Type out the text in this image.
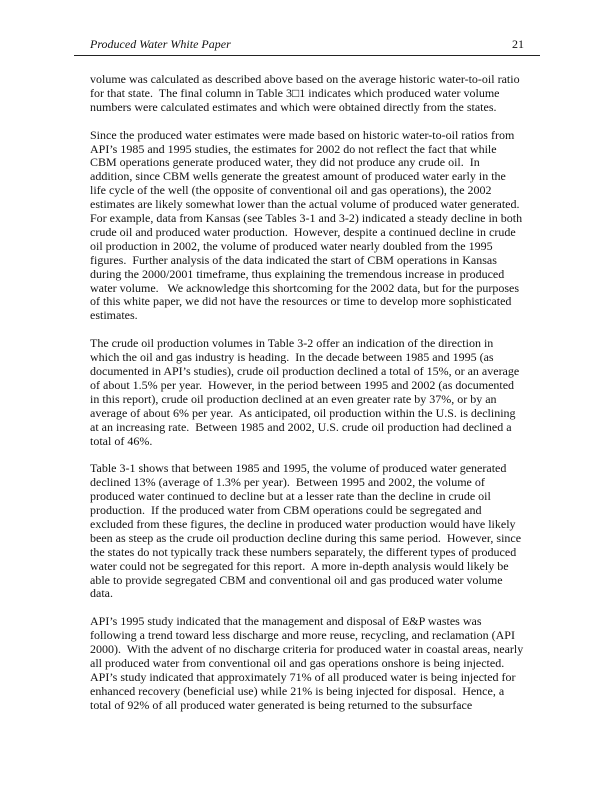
Produced Water White Paper	21

volume was calculated as described above based on the average historic water-to-oil ratio for that state.  The final column in Table 3□1 indicates which produced water volume numbers were calculated estimates and which were obtained directly from the states.

Since the produced water estimates were made based on historic water-to-oil ratios from API’s 1985 and 1995 studies, the estimates for 2002 do not reflect the fact that while CBM operations generate produced water, they did not produce any crude oil.  In addition, since CBM wells generate the greatest amount of produced water early in the life cycle of the well (the opposite of conventional oil and gas operations), the 2002 estimates are likely somewhat lower than the actual volume of produced water generated.  For example, data from Kansas (see Tables 3-1 and 3-2) indicated a steady decline in both crude oil and produced water production.  However, despite a continued decline in crude oil production in 2002, the volume of produced water nearly doubled from the 1995 figures.  Further analysis of the data indicated the start of CBM operations in Kansas during the 2000/2001 timeframe, thus explaining the tremendous increase in produced water volume.   We acknowledge this shortcoming for the 2002 data, but for the purposes of this white paper, we did not have the resources or time to develop more sophisticated estimates.

The crude oil production volumes in Table 3-2 offer an indication of the direction in which the oil and gas industry is heading.  In the decade between 1985 and 1995 (as documented in API’s studies), crude oil production declined a total of 15%, or an average of about 1.5% per year.  However, in the period between 1995 and 2002 (as documented in this report), crude oil production declined at an even greater rate by 37%, or by an average of about 6% per year.  As anticipated, oil production within the U.S. is declining at an increasing rate.  Between 1985 and 2002, U.S. crude oil production had declined a total of 46%.

Table 3-1 shows that between 1985 and 1995, the volume of produced water generated declined 13% (average of 1.3% per year).  Between 1995 and 2002, the volume of produced water continued to decline but at a lesser rate than the decline in crude oil production.  If the produced water from CBM operations could be segregated and excluded from these figures, the decline in produced water production would have likely been as steep as the crude oil production decline during this same period.  However, since the states do not typically track these numbers separately, the different types of produced water could not be segregated for this report.  A more in-depth analysis would likely be able to provide segregated CBM and conventional oil and gas produced water volume data.

API’s 1995 study indicated that the management and disposal of E&P wastes was following a trend toward less discharge and more reuse, recycling, and reclamation (API 2000).  With the advent of no discharge criteria for produced water in coastal areas, nearly all produced water from conventional oil and gas operations onshore is being injected. API’s study indicated that approximately 71% of all produced water is being injected for enhanced recovery (beneficial use) while 21% is being injected for disposal.  Hence, a total of 92% of all produced water generated is being returned to the subsurface
